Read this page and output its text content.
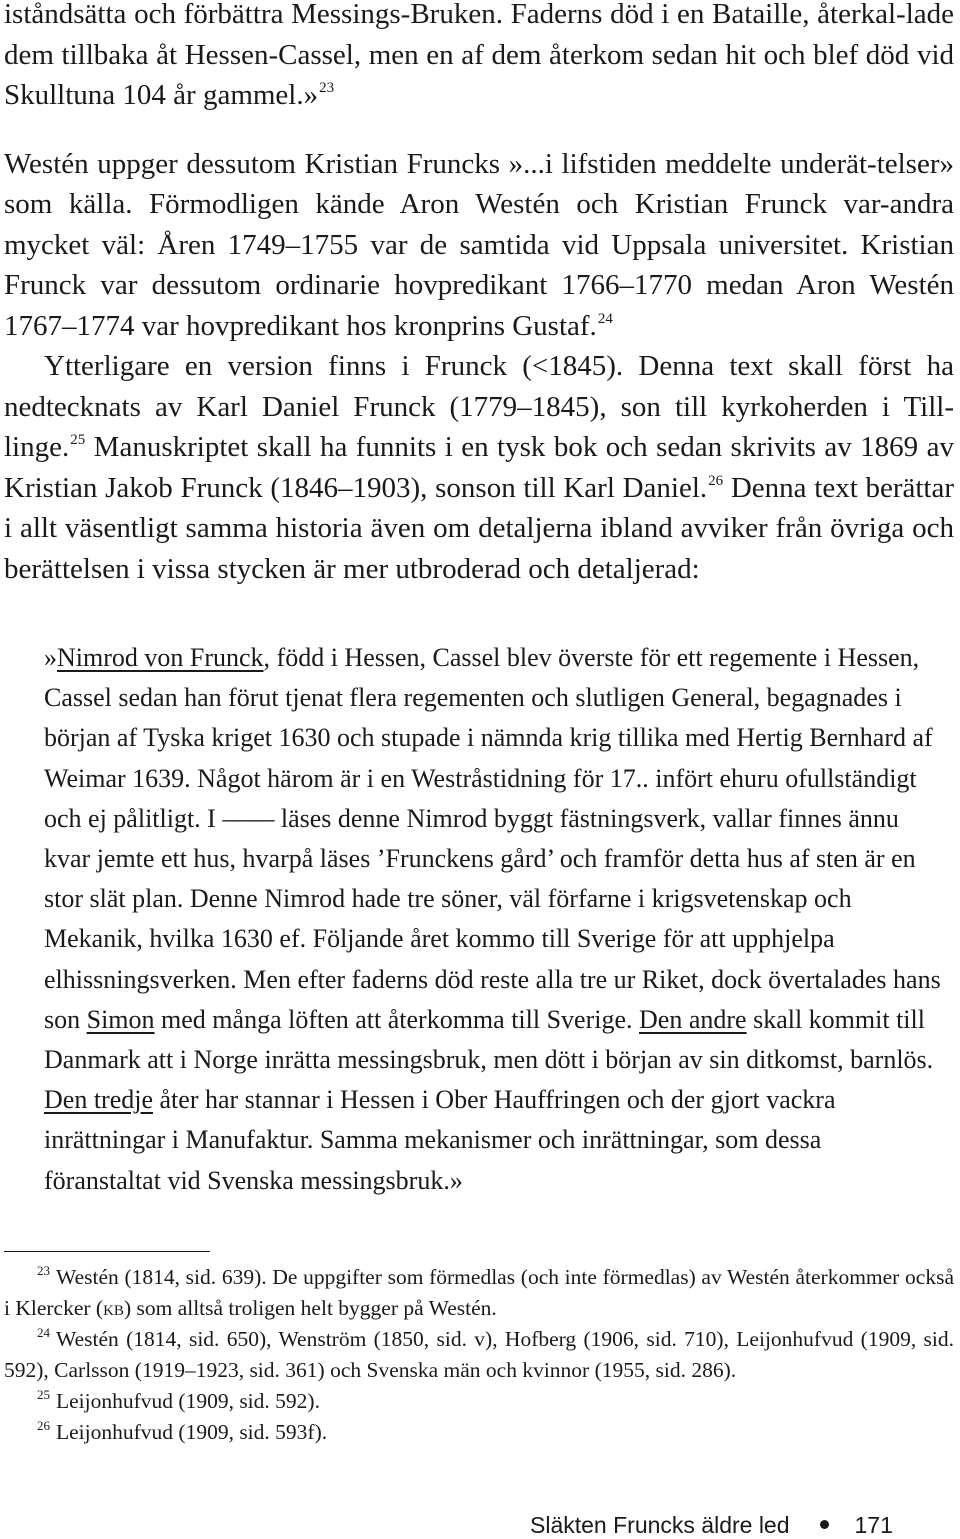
iståndsätta och förbättra Messings-Bruken. Faderns död i en Bataille, återkal-lade dem tillbaka åt Hessen-Cassel, men en af dem återkom sedan hit och blef död vid Skulltuna 104 år gammel.»$^{23}$

Westén uppger dessutom Kristian Fruncks »...i lifstiden meddelte underät-telser» som källa. Förmodligen kände Aron Westén och Kristian Frunck var-andra mycket väl: Åren 1749–1755 var de samtida vid Uppsala universitet. Kristian Frunck var dessutom ordinarie hovpredikant 1766–1770 medan Aron Westén 1767–1774 var hovpredikant hos kronprins Gustaf.$^{24}$

Ytterligare en version finns i Frunck (<1845). Denna text skall först ha nedtecknats av Karl Daniel Frunck (1779–1845), son till kyrkoherden i Till-linge.$^{25}$ Manuskriptet skall ha funnits i en tysk bok och sedan skrivits av 1869 av Kristian Jakob Frunck (1846–1903), sonson till Karl Daniel.$^{26}$ Denna text berättar i allt väsentligt samma historia även om detaljerna ibland avviker från övriga och berättelsen i vissa stycken är mer utbroderad och detaljerad:

»Nimrod von Frunck, född i Hessen, Cassel blev överste för ett regemente i Hessen, Cassel sedan han förut tjenat flera regementen och slutligen General, begagnades i början af Tyska kriget 1630 och stupade i nämnda krig tillika med Hertig Bernhard af Weimar 1639. Något härom är i en Westråstidning för 17.. infört ehuru ofullständigt och ej pålitligt. I –––– läses denne Nimrod byggt fästningsverk, vallar finnes ännu kvar jemte ett hus, hvarpå läses ’Frunckens gård’ och framför detta hus af sten är en stor slät plan. Denne Nimrod hade tre söner, väl förfarne i krigsvetenskap och Mekanik, hvilka 1630 ef. Följande året kommo till Sverige för att upphjelpa elhissningsverken. Men efter faderns död reste alla tre ur Riket, dock övertalades hans son Simon med många löften att återkomma till Sverige. Den andre skall kommit till Danmark att i Norge inrätta messingsbruk, men dött i början av sin ditkomst, barnlös. Den tredje åter har stannar i Hessen i Ober Hauffringen och der gjort vackra inrättningar i Manufaktur. Samma mekanismer och inrättningar, som dessa föranstaltat vid Svenska messingsbruk.»

$^{23}$ Westén (1814, sid. 639). De uppgifter som förmedlas (och inte förmedlas) av Westén återkommer också i Klercker (kb) som alltså troligen helt bygger på Westén.

$^{24}$ Westén (1814, sid. 650), Wenström (1850, sid. v), Hofberg (1906, sid. 710), Leijonhufvud (1909, sid. 592), Carlsson (1919–1923, sid. 361) och Svenska män och kvinnor (1955, sid. 286).

$^{25}$ Leijonhufvud (1909, sid. 592).

$^{26}$ Leijonhufvud (1909, sid. 593f).

Släkten Fruncks äldre led	171
